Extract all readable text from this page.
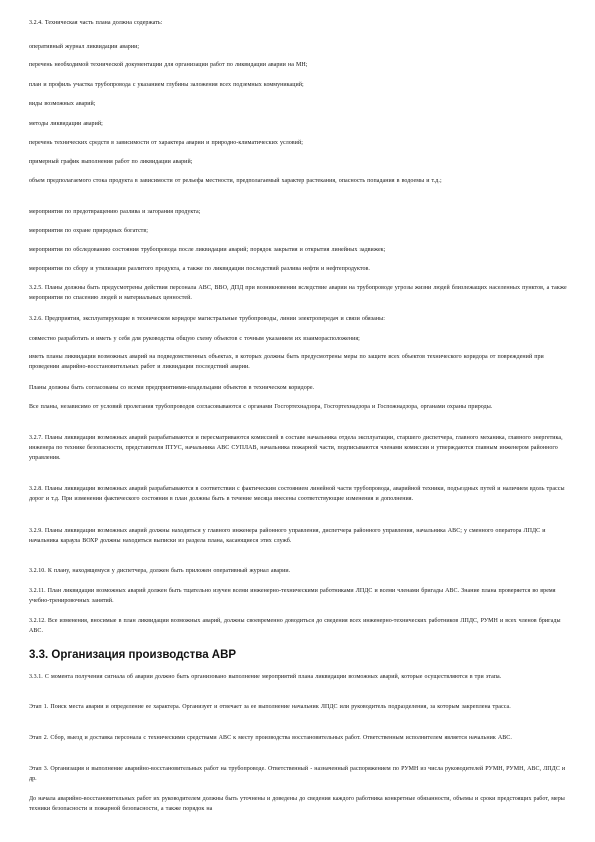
3.2.4. Техническая часть плана должна содержать:

оперативный журнал ликвидации аварии;

перечень необходимой технической документации для организации работ по ликвидации аварии на МН;

план и профиль участка трубопровода с указанием глубины заложения всех подземных коммуникаций;

виды возможных аварий;

методы ликвидации аварий;

перечень технических средств в зависимости от характера аварии и природно-климатических условий;

примерный график выполнения работ по ликвидации аварий;

объем предполагаемого стока продукта в зависимости от рельефа местности, предполагаемый характер растекания, опасность попадания в водоемы и т.д.;

мероприятия по предотвращению разлива и загорания продукта;

мероприятия по охране природных богатств;

мероприятия по обследованию состояния трубопровода после ликвидации аварий; порядок закрытия и открытия линейных задвижек;

мероприятия по сбору и утилизации разлитого продукта, а также по ликвидации последствий разлива нефти и нефтепродуктов.

3.2.5. Планы должны быть предусмотрены действия персонала АВС, ВВО, ДПД при возникновении вследствие аварии на трубопроводе угрозы жизни людей близлежащих населенных пунктов, а также мероприятия по спасению людей и материальных ценностей.

3.2.6. Предприятия, эксплуатирующие в техническом коридоре магистральные трубопроводы, линии электропередач и связи обязаны:

совместно разработать и иметь у себя для руководства общую схему объектов с точным указанием их взаиморасположения;

иметь планы ликвидации возможных аварий на подведомственных объектах, в которых должны быть предусмотрены меры по защите всех объектов технического коридора от повреждений при проведении аварийно-восстановительных работ и ликвидации последствий аварии.

Планы должны быть согласованы со всеми предприятиями-владельцами объектов в техническом коридоре.

Все планы, независимо от условий пролегания трубопроводов согласовываются с органами Госгортехнадзора, Госгортехнадзора и Госпожнадзора, органами охраны природы.

3.2.7. Планы ликвидации возможных аварий разрабатываются и пересматриваются комиссией в составе начальника отдела эксплуатации, старшего диспетчера, главного механика, главного энергетика, инженера по технике безопасности, представителя ПТУС, начальника АВС СУПЛАВ, начальника пожарной части, подписываются членами комиссии и утверждаются главным инженером районного управления.

3.2.8. Планы ликвидации возможных аварий разрабатываются в соответствии с фактическим состоянием линейной части трубопровода, аварийной техники, подъездных путей и наличием вдоль трассы дорог и т.д. При изменении фактического состояния в план должны быть в течение месяца внесены соответствующие изменения и дополнения.

3.2.9. Планы ликвидации возможных аварий должны находиться у главного инженера районного управления, диспетчера районного управления, начальника АВС; у сменного оператора ЛПДС и начальника караула ВОХР должны находиться выписки из раздела плана, касающиеся этих служб.

3.2.10. К плану, находящемуся у диспетчера, должен быть приложен оперативный журнал аварии.

3.2.11. План ликвидации возможных аварий должен быть тщательно изучен всеми инженерно-техническими работниками ЛПДС и всеми членами бригады АВС. Знание плана проверяется во время учебно-тренировочных занятий.

3.2.12. Все изменения, вносимые в план ликвидации возможных аварий, должны своевременно доводиться до сведения всех инженерно-технических работников ЛПДС, РУМН и всех членов бригады АВС.

3.3. Организация производства АВР

3.3.1. С момента получения сигнала об аварии должно быть организовано выполнение мероприятий плана ликвидации возможных аварий, которые осуществляются в три этапа.

Этап 1. Поиск места аварии и определение ее характера. Организует и отвечает за ее выполнение начальник ЛПДС или руководитель подразделения, за которым закреплена трасса.

Этап 2. Сбор, выезд и доставка персонала с техническими средствами АВС к месту производства восстановительных работ. Ответственным исполнителем является начальник АВС.

Этап 3. Организация и выполнение аварийно-восстановительных работ на трубопроводе. Ответственный - назначенный распоряжением по РУМН из числа руководителей РУМН, РУМН, АВС, ЛПДС и др.

До начала аварийно-восстановительных работ их руководителем должны быть уточнены и доведены до сведения каждого работника конкретные обязанности, объемы и сроки предстоящих работ, меры техники безопасности и пожарной безопасности, а также порядок на
